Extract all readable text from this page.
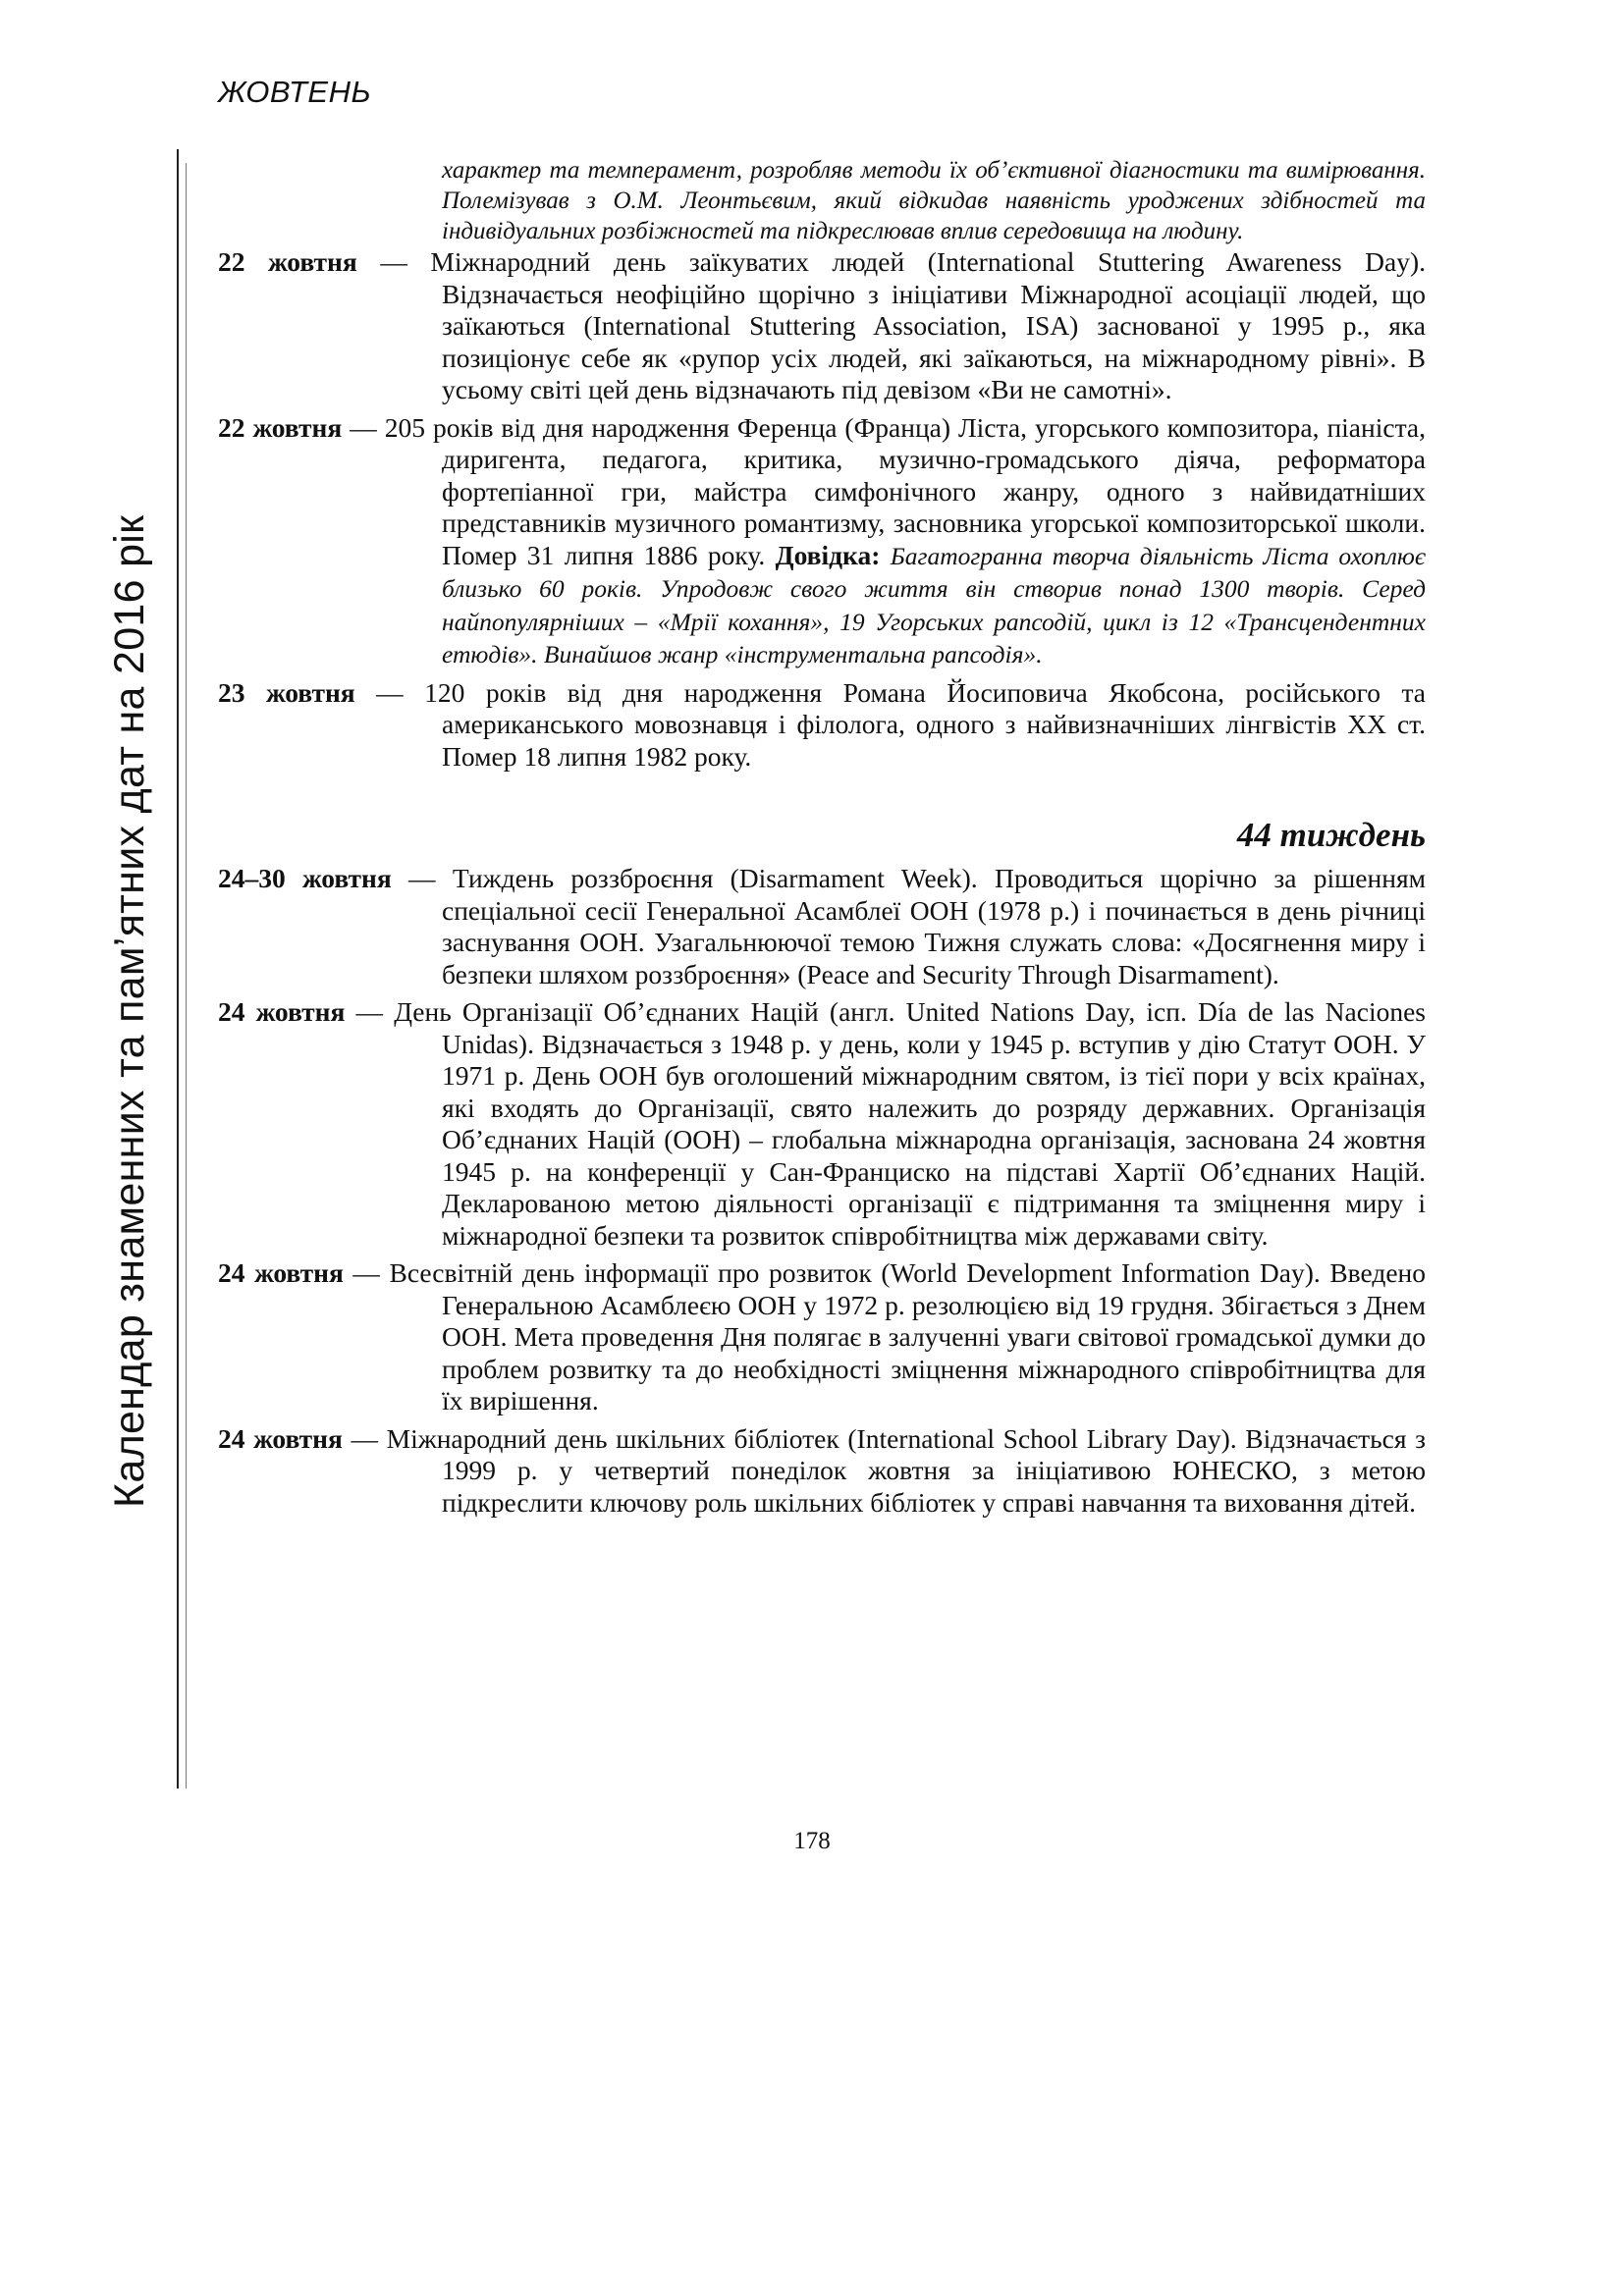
ЖОВТЕНЬ
Календар знаменних та пам’ятних дат на 2016 рік
характер та темперамент, розробляв методи їх об’єктивної діагностики та вимірювання. Полемізував з О.М. Леонтьєвим, який відкидав наявність уроджених здібностей та індивідуальних розбіжностей та підкреслював вплив середовища на людину.

22 жовтня — Міжнародний день заїкуватих людей (International Stuttering Awareness Day). Відзначається неофіційно щорічно з ініціативи Міжнародної асоціації людей, що заїкаються (International Stuttering Association, ISA) заснованої у 1995 р., яка позиціонує себе як «рупор усіх людей, які заїкаються, на міжнародному рівні». В усьому світі цей день відзначають під девізом «Ви не самотні».

22 жовтня — 205 років від дня народження Ференца (Франца) Ліста, угорського композитора, піаніста, диригента, педагога, критика, музично-громадського діяча, реформатора фортепіанної гри, майстра симфонічного жанру, одного з найвидатніших представників музичного романтизму, засновника угорської композиторської школи. Помер 31 липня 1886 року. Довідка: Багатогранна творча діяльність Ліста охоплює близько 60 років. Упродовж свого життя він створив понад 1300 творів. Серед найпопулярніших – «Мрії кохання», 19 Угорських рапсодій, цикл із 12 «Трансцендентних етюдів». Винайшов жанр «інструментальна рапсодія».

23 жовтня — 120 років від дня народження Романа Йосиповича Якобсона, російського та американського мовознавця і філолога, одного з найвизначніших лінгвістів ХХ ст. Помер 18 липня 1982 року.

44 тиждень

24–30 жовтня — Тиждень роззброєння (Disarmament Week). Проводиться щорічно за рішенням спеціальної сесії Генеральної Асамблеї ООН (1978 р.) і починається в день річниці заснування ООН. Узагальнюючої темою Тижня служать слова: «Досягнення миру і безпеки шляхом роззброєння» (Peace and Security Through Disarmament).

24 жовтня — День Організації Об’єднаних Націй (англ. United Nations Day, ісп. Día de las Naciones Unidas). Відзначається з 1948 р. у день, коли у 1945 р. вступив у дію Статут ООН. У 1971 р. День ООН був оголошений міжнародним святом, із тієї пори у всіх країнах, які входять до Організації, свято належить до розряду державних. Організація Об’єднаних Націй (ООН) – глобальна міжнародна організація, заснована 24 жовтня 1945 р. на конференції у Сан-Франциско на підставі Хартії Об’єднаних Націй. Декларованою метою діяльності організації є підтримання та зміцнення миру і міжнародної безпеки та розвиток співробітництва між державами світу.

24 жовтня — Всесвітній день інформації про розвиток (World Development Information Day). Введено Генеральною Асамблеєю ООН у 1972 р. резолюцією від 19 грудня. Збігається з Днем ООН. Мета проведення Дня полягає в залученні уваги світової громадської думки до проблем розвитку та до необхідності зміцнення міжнародного співробітництва для їх вирішення.

24 жовтня — Міжнародний день шкільних бібліотек (International School Library Day). Відзначається з 1999 р. у четвертий понеділок жовтня за ініціативою ЮНЕСКО, з метою підкреслити ключову роль шкільних бібліотек у справі навчання та виховання дітей.

178
